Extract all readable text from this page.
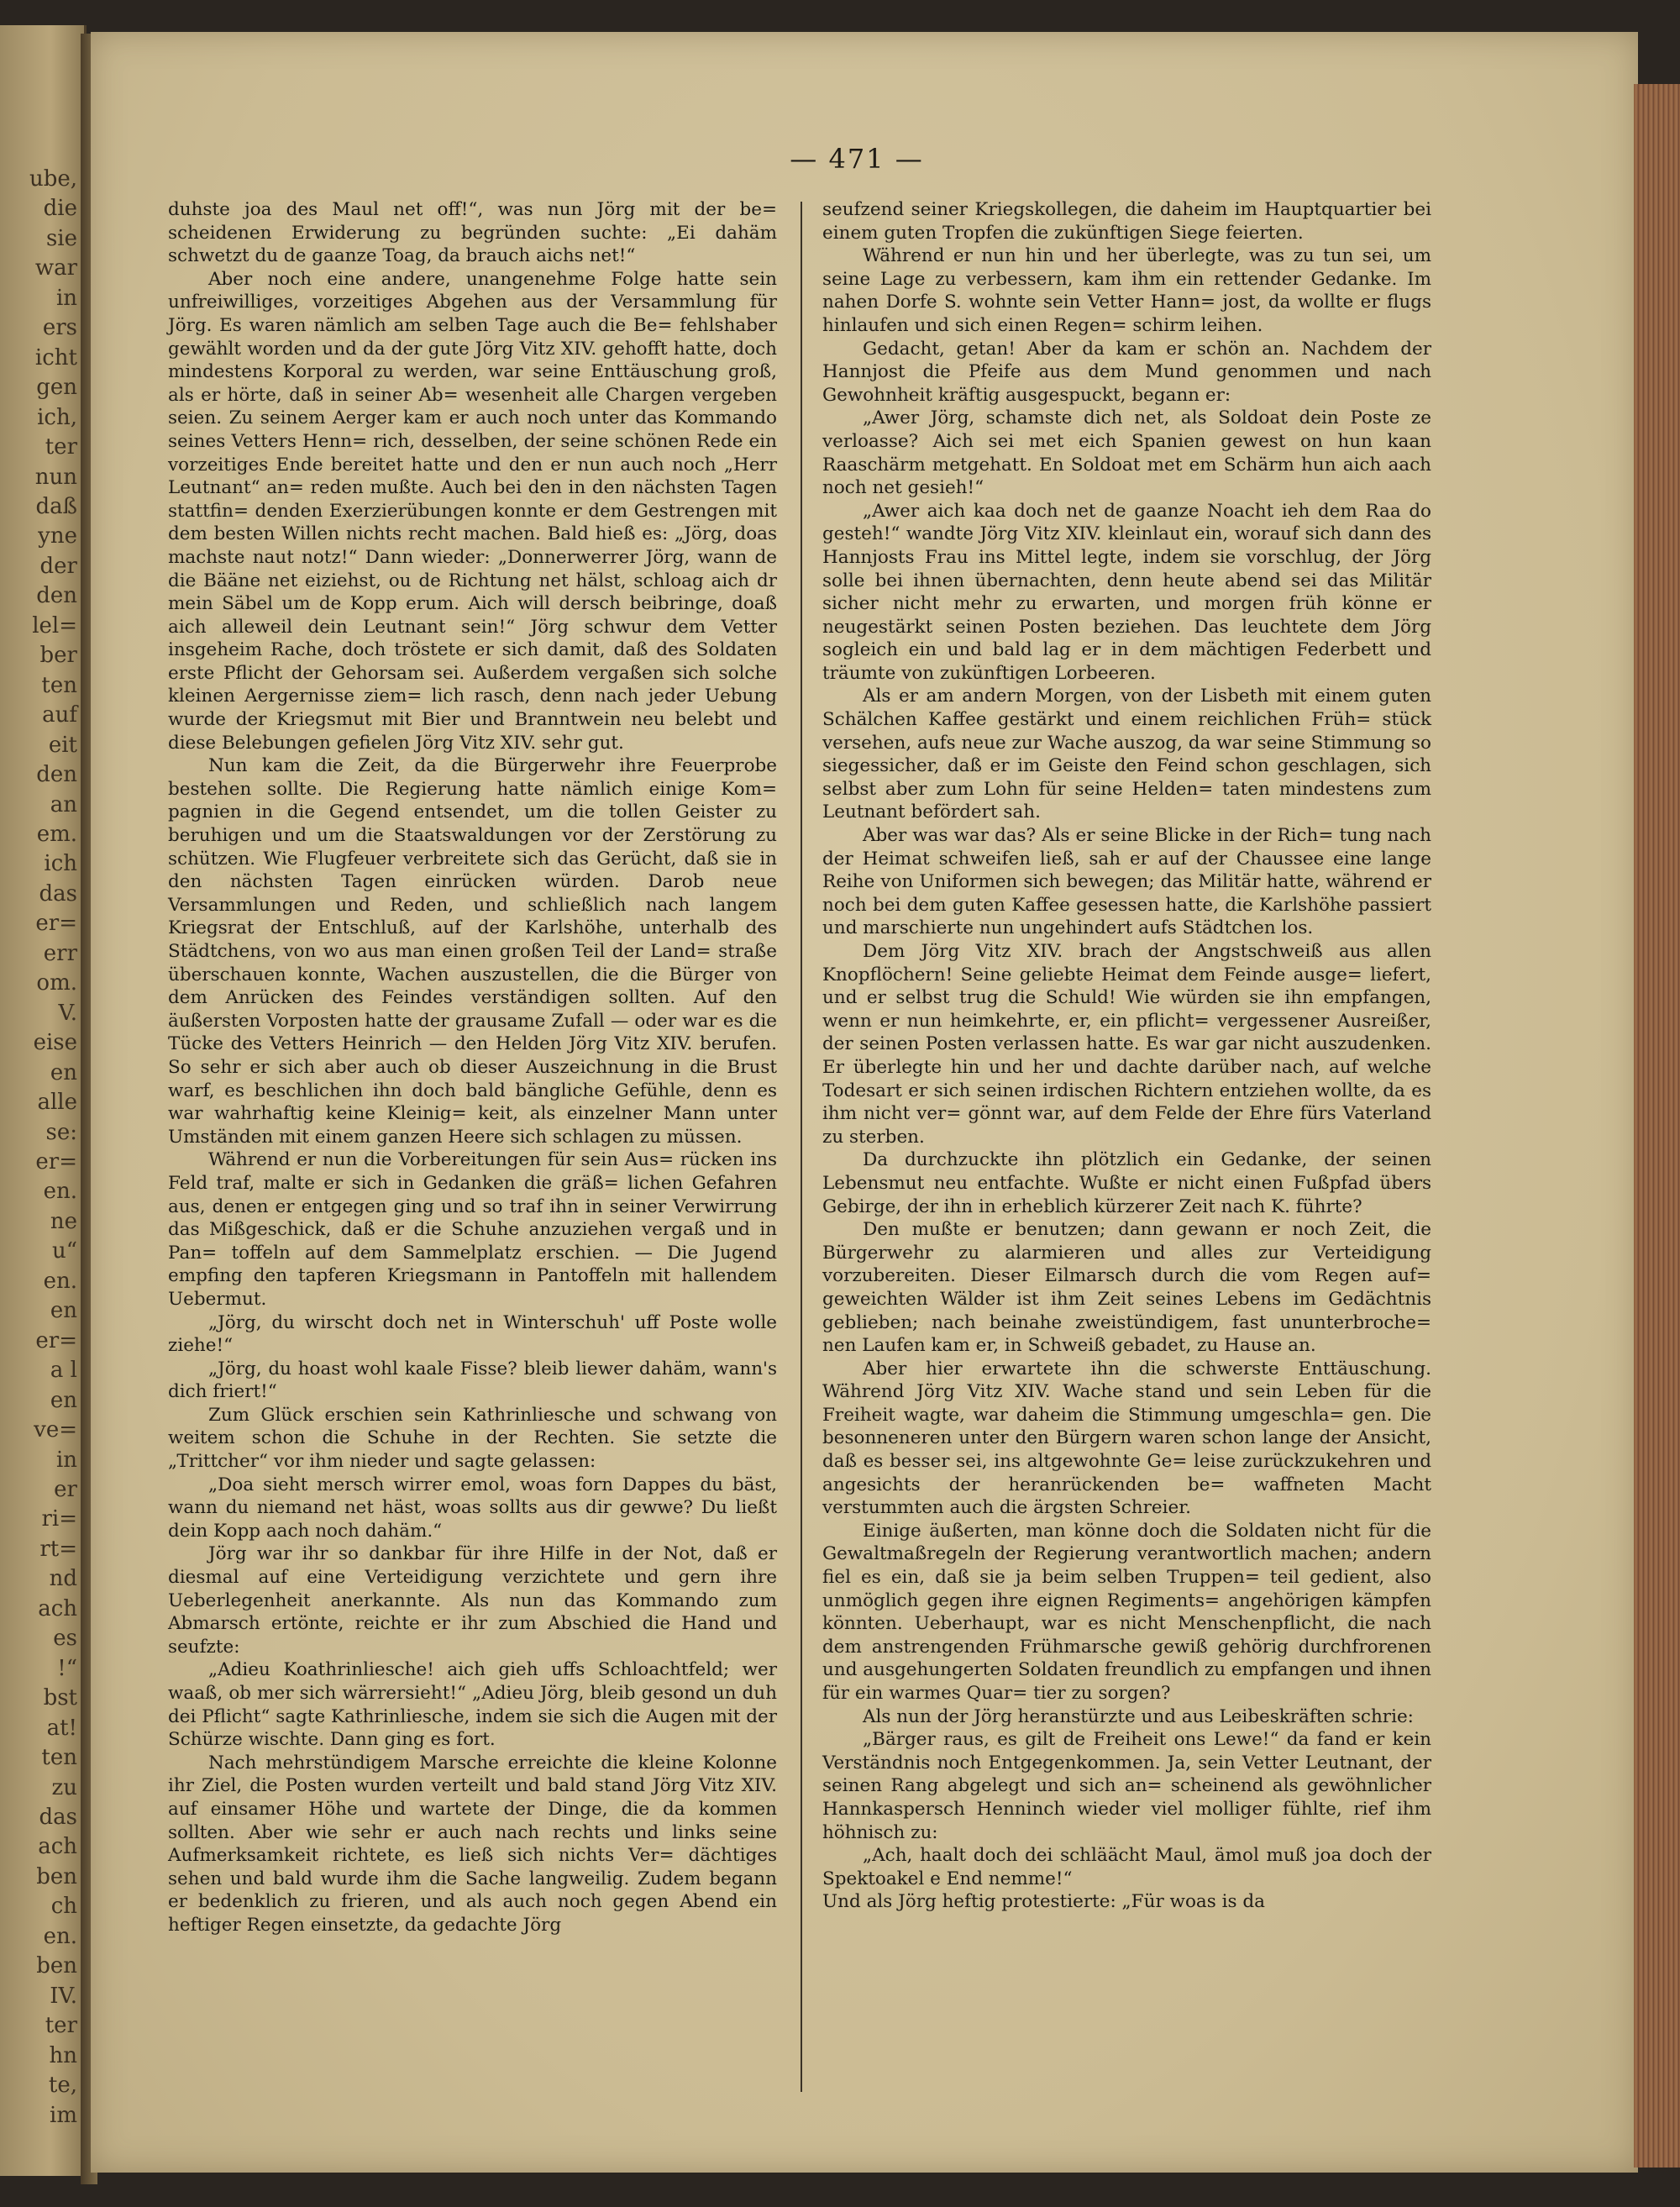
ube,
die
sie
war
in
ers
icht
gen
ich,
ter
nun
daß
yne
der
den
lel=
ber
ten
auf
eit
den
an
em.
ich
das
er=
err
om.
V.
eise
en
alle
se:
er=
en.
ne
u“
en.
en
er=
a l
en
ve=
in
er
ri=
rt=
nd
ach
es
!“
bst
at!
ten
zu
das
ach
ben
ch
en.
ben
IV.
ter
hn
te,
im
— 471 —

duhste joa des Maul net off!“, was nun Jörg mit der be= scheidenen Erwiderung zu begründen suchte: „Ei dahäm schwetzt du de gaanze Toag, da brauch aichs net!“

Aber noch eine andere, unangenehme Folge hatte sein unfreiwilliges, vorzeitiges Abgehen aus der Versammlung für Jörg. Es waren nämlich am selben Tage auch die Be= fehlshaber gewählt worden und da der gute Jörg Vitz XIV. gehofft hatte, doch mindestens Korporal zu werden, war seine Enttäuschung groß, als er hörte, daß in seiner Ab= wesenheit alle Chargen vergeben seien. Zu seinem Aerger kam er auch noch unter das Kommando seines Vetters Henn= rich, desselben, der seine schönen Rede ein vorzeitiges Ende bereitet hatte und den er nun auch noch „Herr Leutnant“ an= reden mußte. Auch bei den in den nächsten Tagen stattfin= denden Exerzierübungen konnte er dem Gestrengen mit dem besten Willen nichts recht machen. Bald hieß es: „Jörg, doas machste naut notz!“ Dann wieder: „Donnerwerrer Jörg, wann de die Bääne net eiziehst, ou de Richtung net hälst, schloag aich dr mein Säbel um de Kopp erum. Aich will dersch beibringe, doaß aich alleweil dein Leutnant sein!“ Jörg schwur dem Vetter insgeheim Rache, doch tröstete er sich damit, daß des Soldaten erste Pflicht der Gehorsam sei. Außerdem vergaßen sich solche kleinen Aergernisse ziem= lich rasch, denn nach jeder Uebung wurde der Kriegsmut mit Bier und Branntwein neu belebt und diese Belebungen gefielen Jörg Vitz XIV. sehr gut.

Nun kam die Zeit, da die Bürgerwehr ihre Feuerprobe bestehen sollte. Die Regierung hatte nämlich einige Kom= pagnien in die Gegend entsendet, um die tollen Geister zu beruhigen und um die Staatswaldungen vor der Zerstörung zu schützen. Wie Flugfeuer verbreitete sich das Gerücht, daß sie in den nächsten Tagen einrücken würden. Darob neue Versammlungen und Reden, und schließlich nach langem Kriegsrat der Entschluß, auf der Karlshöhe, unterhalb des Städtchens, von wo aus man einen großen Teil der Land= straße überschauen konnte, Wachen auszustellen, die die Bürger von dem Anrücken des Feindes verständigen sollten. Auf den äußersten Vorposten hatte der grausame Zufall — oder war es die Tücke des Vetters Heinrich — den Helden Jörg Vitz XIV. berufen. So sehr er sich aber auch ob dieser Auszeichnung in die Brust warf, es beschlichen ihn doch bald bängliche Gefühle, denn es war wahrhaftig keine Kleinig= keit, als einzelner Mann unter Umständen mit einem ganzen Heere sich schlagen zu müssen.

Während er nun die Vorbereitungen für sein Aus= rücken ins Feld traf, malte er sich in Gedanken die gräß= lichen Gefahren aus, denen er entgegen ging und so traf ihn in seiner Verwirrung das Mißgeschick, daß er die Schuhe anzuziehen vergaß und in Pan= toffeln auf dem Sammelplatz erschien. — Die Jugend empfing den tapferen Kriegsmann in Pantoffeln mit hallendem Uebermut.

„Jörg, du wirscht doch net in Winterschuh' uff Poste wolle ziehe!“

„Jörg, du hoast wohl kaale Fisse? bleib liewer dahäm, wann's dich friert!“

Zum Glück erschien sein Kathrinliesche und schwang von weitem schon die Schuhe in der Rechten. Sie setzte die „Trittcher“ vor ihm nieder und sagte gelassen:

„Doa sieht mersch wirrer emol, woas forn Dappes du bäst, wann du niemand net häst, woas sollts aus dir gewwe? Du ließt dein Kopp aach noch dahäm.“

Jörg war ihr so dankbar für ihre Hilfe in der Not, daß er diesmal auf eine Verteidigung verzichtete und gern ihre Ueberlegenheit anerkannte. Als nun das Kommando zum Abmarsch ertönte, reichte er ihr zum Abschied die Hand und seufzte:

„Adieu Koathrinliesche! aich gieh uffs Schloachtfeld; wer waaß, ob mer sich wärrersieht!“ „Adieu Jörg, bleib gesond un duh dei Pflicht“ sagte Kathrinliesche, indem sie sich die Augen mit der Schürze wischte. Dann ging es fort.

Nach mehrstündigem Marsche erreichte die kleine Kolonne ihr Ziel, die Posten wurden verteilt und bald stand Jörg Vitz XIV. auf einsamer Höhe und wartete der Dinge, die da kommen sollten. Aber wie sehr er auch nach rechts und links seine Aufmerksamkeit richtete, es ließ sich nichts Ver= dächtiges sehen und bald wurde ihm die Sache langweilig. Zudem begann er bedenklich zu frieren, und als auch noch gegen Abend ein heftiger Regen einsetzte, da gedachte Jörg

seufzend seiner Kriegskollegen, die daheim im Hauptquartier bei einem guten Tropfen die zukünftigen Siege feierten.

Während er nun hin und her überlegte, was zu tun sei, um seine Lage zu verbessern, kam ihm ein rettender Gedanke. Im nahen Dorfe S. wohnte sein Vetter Hann= jost, da wollte er flugs hinlaufen und sich einen Regen= schirm leihen.

Gedacht, getan! Aber da kam er schön an. Nachdem der Hannjost die Pfeife aus dem Mund genommen und nach Gewohnheit kräftig ausgespuckt, begann er:

„Awer Jörg, schamste dich net, als Soldoat dein Poste ze verloasse? Aich sei met eich Spanien gewest on hun kaan Raaschärm metgehatt. En Soldoat met em Schärm hun aich aach noch net gesieh!“

„Awer aich kaa doch net de gaanze Noacht ieh dem Raa do gesteh!“ wandte Jörg Vitz XIV. kleinlaut ein, worauf sich dann des Hannjosts Frau ins Mittel legte, indem sie vorschlug, der Jörg solle bei ihnen übernachten, denn heute abend sei das Militär sicher nicht mehr zu erwarten, und morgen früh könne er neugestärkt seinen Posten beziehen. Das leuchtete dem Jörg sogleich ein und bald lag er in dem mächtigen Federbett und träumte von zukünftigen Lorbeeren.

Als er am andern Morgen, von der Lisbeth mit einem guten Schälchen Kaffee gestärkt und einem reichlichen Früh= stück versehen, aufs neue zur Wache auszog, da war seine Stimmung so siegessicher, daß er im Geiste den Feind schon geschlagen, sich selbst aber zum Lohn für seine Helden= taten mindestens zum Leutnant befördert sah.

Aber was war das? Als er seine Blicke in der Rich= tung nach der Heimat schweifen ließ, sah er auf der Chaussee eine lange Reihe von Uniformen sich bewegen; das Militär hatte, während er noch bei dem guten Kaffee gesessen hatte, die Karlshöhe passiert und marschierte nun ungehindert aufs Städtchen los.

Dem Jörg Vitz XIV. brach der Angstschweiß aus allen Knopflöchern! Seine geliebte Heimat dem Feinde ausge= liefert, und er selbst trug die Schuld! Wie würden sie ihn empfangen, wenn er nun heimkehrte, er, ein pflicht= vergessener Ausreißer, der seinen Posten verlassen hatte. Es war gar nicht auszudenken. Er überlegte hin und her und dachte darüber nach, auf welche Todesart er sich seinen irdischen Richtern entziehen wollte, da es ihm nicht ver= gönnt war, auf dem Felde der Ehre fürs Vaterland zu sterben.

Da durchzuckte ihn plötzlich ein Gedanke, der seinen Lebensmut neu entfachte. Wußte er nicht einen Fußpfad übers Gebirge, der ihn in erheblich kürzerer Zeit nach K. führte?

Den mußte er benutzen; dann gewann er noch Zeit, die Bürgerwehr zu alarmieren und alles zur Verteidigung vorzubereiten. Dieser Eilmarsch durch die vom Regen auf= geweichten Wälder ist ihm Zeit seines Lebens im Gedächtnis geblieben; nach beinahe zweistündigem, fast ununterbroche= nen Laufen kam er, in Schweiß gebadet, zu Hause an.

Aber hier erwartete ihn die schwerste Enttäuschung. Während Jörg Vitz XIV. Wache stand und sein Leben für die Freiheit wagte, war daheim die Stimmung umgeschla= gen. Die besonneneren unter den Bürgern waren schon lange der Ansicht, daß es besser sei, ins altgewohnte Ge= leise zurückzukehren und angesichts der heranrückenden be= waffneten Macht verstummten auch die ärgsten Schreier.

Einige äußerten, man könne doch die Soldaten nicht für die Gewaltmaßregeln der Regierung verantwortlich machen; andern fiel es ein, daß sie ja beim selben Truppen= teil gedient, also unmöglich gegen ihre eignen Regiments= angehörigen kämpfen könnten. Ueberhaupt, war es nicht Menschenpflicht, die nach dem anstrengenden Frühmarsche gewiß gehörig durchfrorenen und ausgehungerten Soldaten freundlich zu empfangen und ihnen für ein warmes Quar= tier zu sorgen?

Als nun der Jörg heranstürzte und aus Leibeskräften schrie:

„Bärger raus, es gilt de Freiheit ons Lewe!“ da fand er kein Verständnis noch Entgegenkommen. Ja, sein Vetter Leutnant, der seinen Rang abgelegt und sich an= scheinend als gewöhnlicher Hannkaspersch Henninch wieder viel molliger fühlte, rief ihm höhnisch zu:

„Ach, haalt doch dei schläächt Maul, ämol muß joa doch der Spektoakel e End nemme!“

Und als Jörg heftig protestierte: „Für woas is da
